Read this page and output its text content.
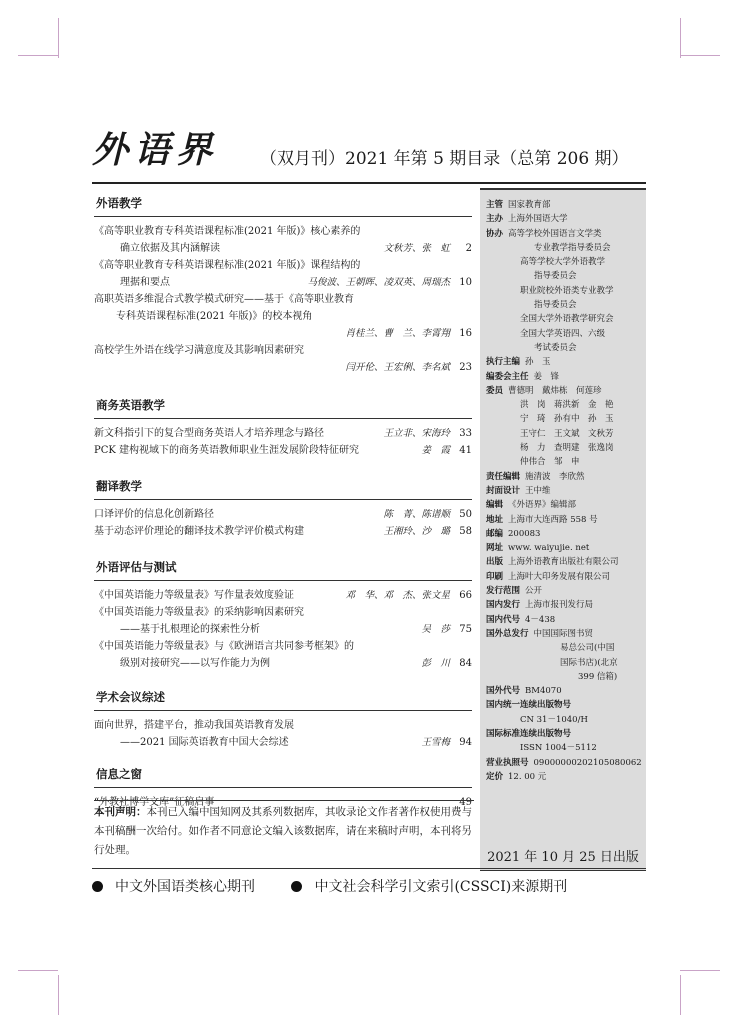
外语界 （双月刊）2021 年第 5 期目录（总第 206 期）
外语教学
《高等职业教育专科英语课程标准(2021 年版)》核心素养的
确立依据及其内涵解读	文秋芳、张　虹	2
《高等职业教育专科英语课程标准(2021 年版)》课程结构的
理据和要点	马俊波、王朝晖、凌双英、周瑞杰 10
高职英语多维混合式教学模式研究——基于《高等职业教育
专科英语课程标准(2021 年版)》的校本视角
肖桂兰、曹　兰、李霄翔 16
高校学生外语在线学习满意度及其影响因素研究
闫开伦、王宏俐、李名斌 23
商务英语教学
新文科指引下的复合型商务英语人才培养理念与路径	王立非、宋海玲 33
PCK 建构视域下的商务英语教师职业生涯发展阶段特征研究	姜　霞 41
翻译教学
口译评价的信息化创新路径	陈　菁、陈谱顺 50
基于动态评价理论的翻译技术教学评价模式构建	王湘玲、沙　璐 58
外语评估与测试
《中国英语能力等级量表》写作量表效度验证	邓　华、邓　杰、张文星 66
《中国英语能力等级量表》的采纳影响因素研究
——基于扎根理论的探索性分析	吴　莎 75
《中国英语能力等级量表》与《欧洲语言共同参考框架》的
级别对接研究——以写作能力为例	彭　川 84
学术会议综述
面向世界，搭建平台，推动我国英语教育发展
——2021 国际英语教育中国大会综述	王雪梅 94
信息之窗
“外教社博学文库”征稿启事	49
主管 国家教育部
主办 上海外国语大学
协办 高等学校外国语言文学类
专业教学指导委员会
高等学校大学外语教学
指导委员会
职业院校外语类专业教学
指导委员会
全国大学外语教学研究会
全国大学英语四、六级
考试委员会
执行主编 孙　玉
编委会主任 姜　锋
委员 曹德明　戴炜栋　何莲珍
洪　岗　蒋洪新　金　艳
宁　琦　孙有中　孙　玉
王守仁　王文斌　文秋芳
杨　力　查明建　张逸岗
仲伟合　邹　申
责任编辑 施清波　李欣然
封面设计 王中维
编辑 《外语界》编辑部
地址 上海市大连西路 558 号
邮编 200083
网址 www. waiyujie. net
出版 上海外语教育出版社有限公司
印刷 上海叶大印务发展有限公司
发行范围 公开
国内发行 上海市报刊发行局
国内代号 4－438
国外总发行 中国国际图书贸
易总公司(中国
国际书店)(北京
399 信箱)
国外代号 BM4070
国内统一连续出版物号
CN 31－1040/H
国际标准连续出版物号
ISSN 1004－5112
营业执照号 09000000202105080062
定价 12. 00 元
2021 年 10 月 25 日出版
本刊声明：本刊已入编中国知网及其系列数据库，其收录论文作者著作权使用费与本刊稿酬一次给付。如作者不同意论文编入该数据库，请在来稿时声明，本刊将另行处理。
中文外国语类核心期刊	中文社会科学引文索引(CSSCI)来源期刊
